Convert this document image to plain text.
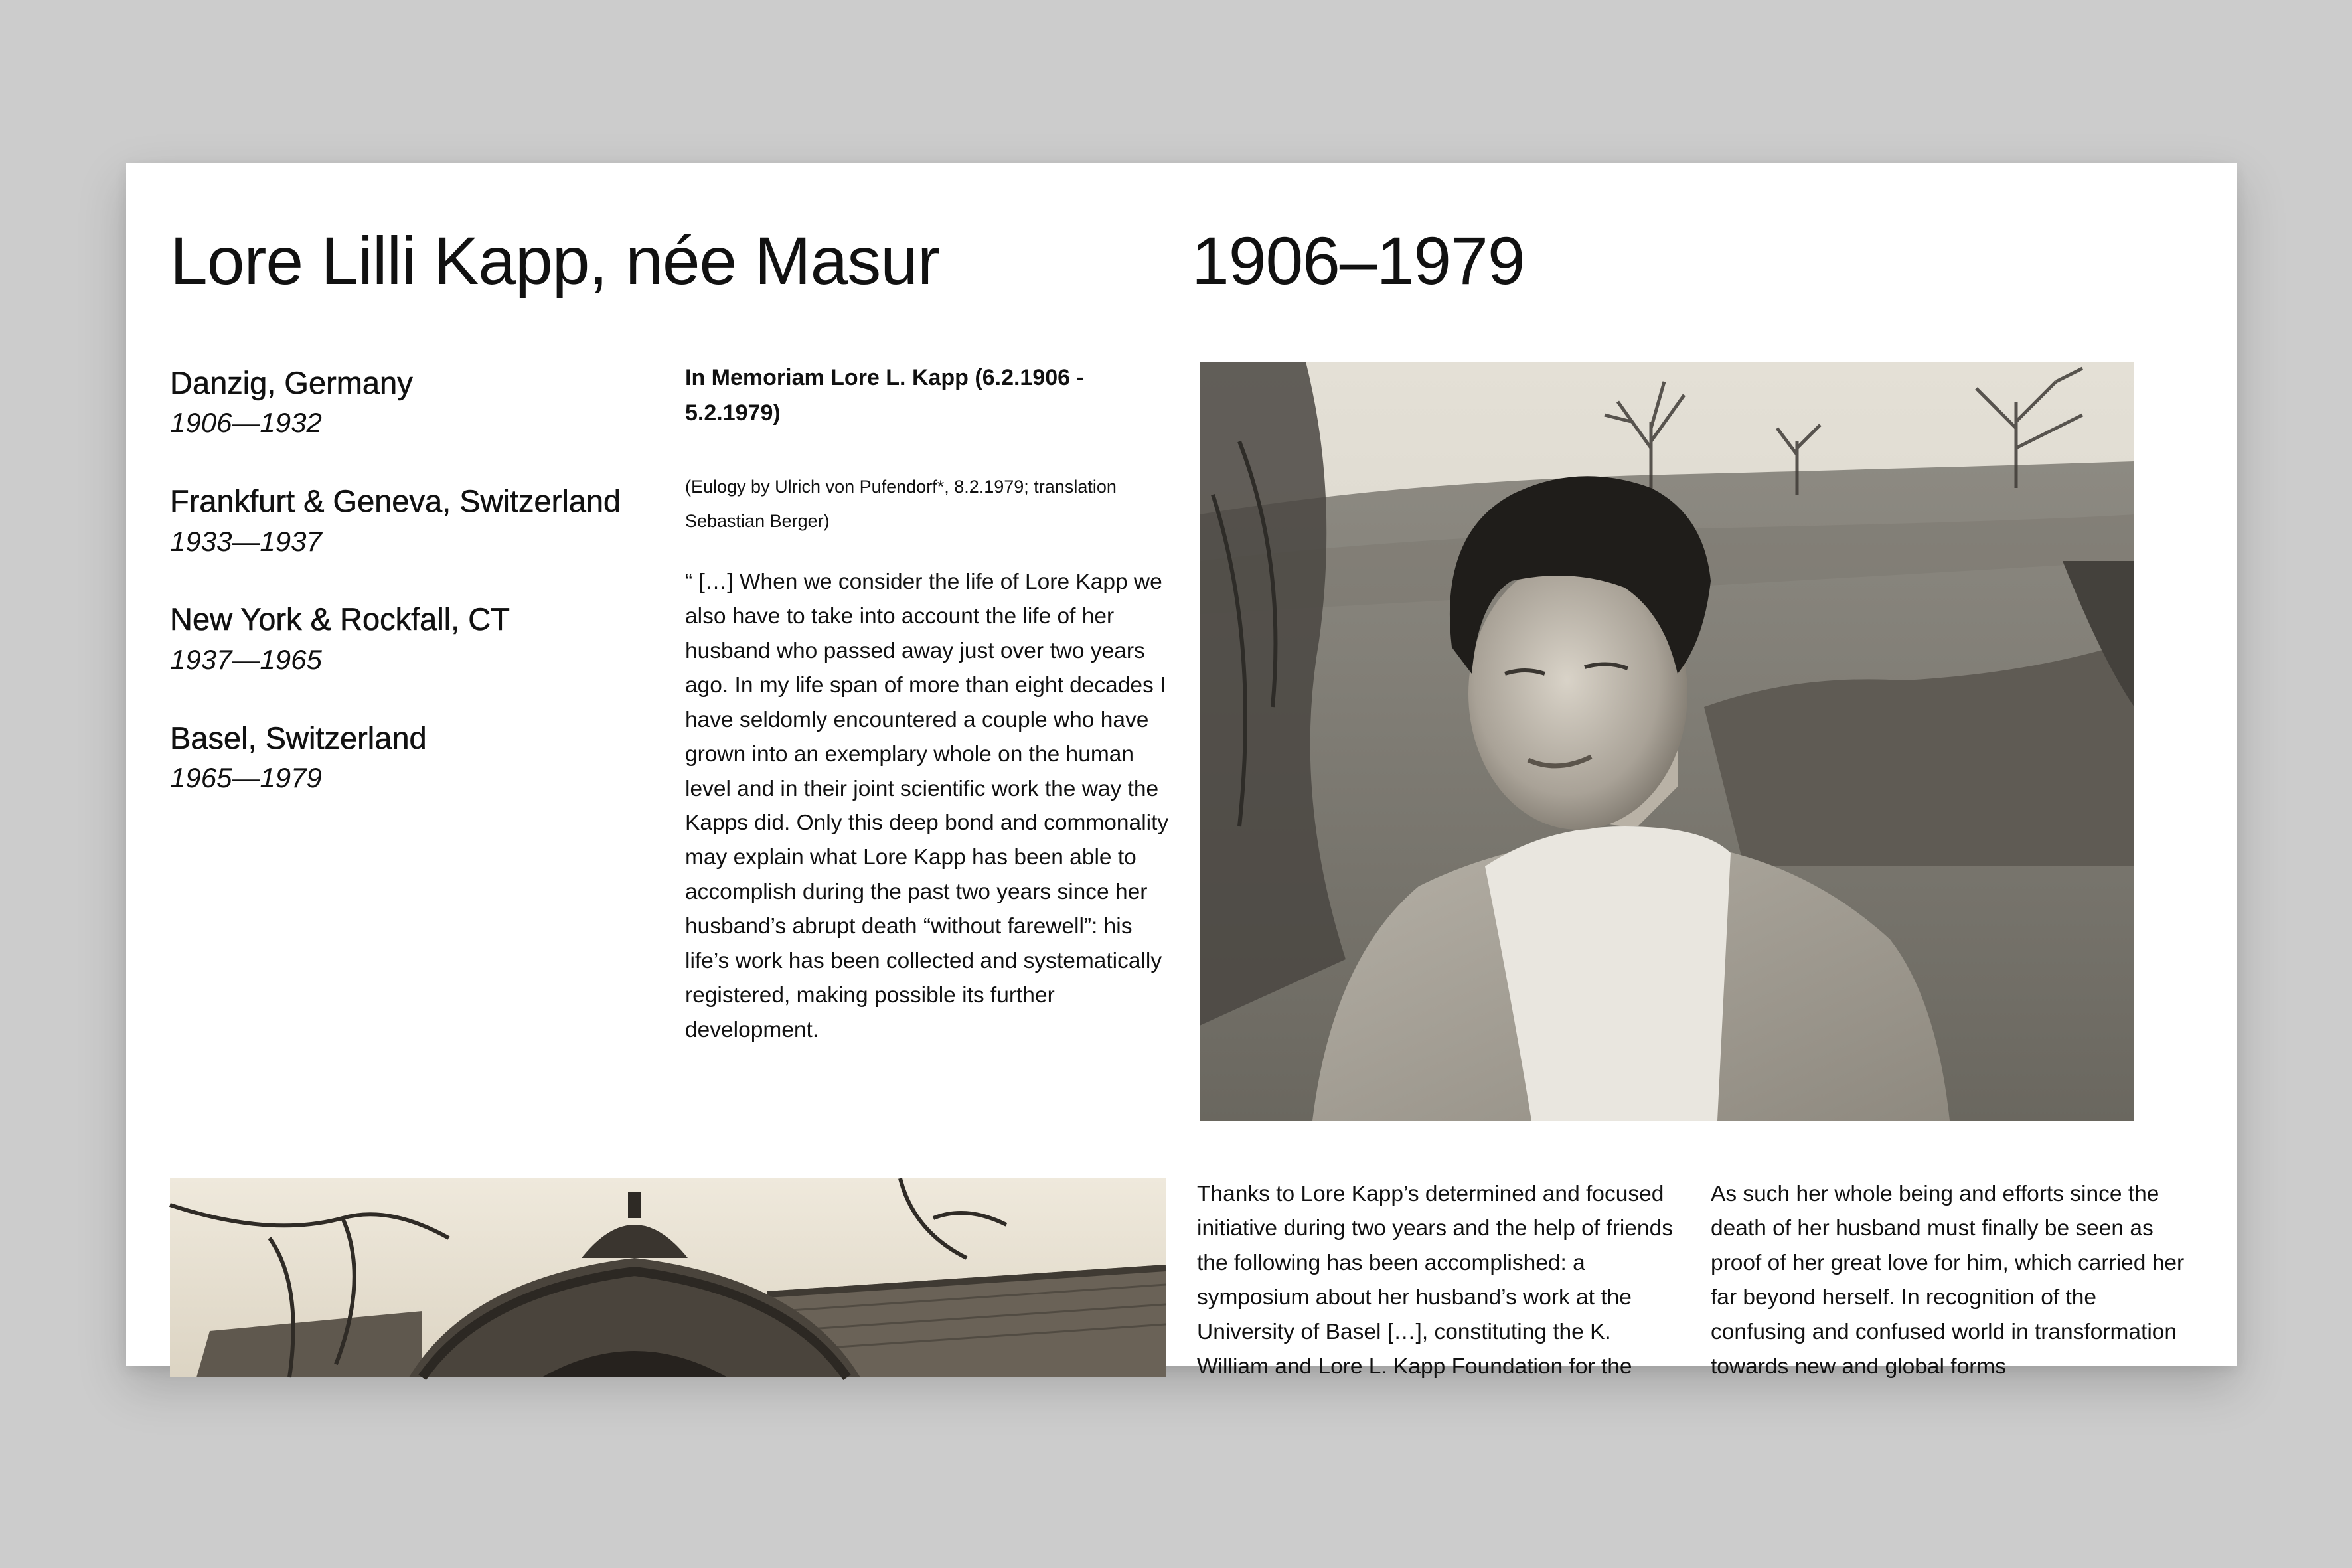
Lore Lilli Kapp, née Masur	1906–1979
Danzig, Germany
1906—1932
Frankfurt & Geneva, Switzerland
1933—1937
New York & Rockfall, CT
1937—1965
Basel, Switzerland
1965—1979

In Memoriam Lore L. Kapp (6.2.1906 - 5.2.1979)

(Eulogy by Ulrich von Pufendorf*, 8.2.1979; translation Sebastian Berger)

“ […] When we consider the life of Lore Kapp we also have to take into account the life of her husband who passed away just over two years ago. In my life span of more than eight decades I have seldomly encountered a couple who have grown into an exemplary whole on the human level and in their joint scientific work the way the Kapps did. Only this deep bond and commonality may explain what Lore Kapp has been able to accomplish during the past two years since her husband’s abrupt death “without farewell”: his life’s work has been collected and systematically registered, making possible its further development.

Thanks to Lore Kapp’s determined and focused initiative during two years and the help of friends the following has been accomplished: a symposium about her husband’s work at the University of Basel […], constituting the K. William and Lore L. Kapp Foundation for the

As such her whole being and efforts since the death of her husband must finally be seen as proof of her great love for him, which carried her far beyond herself. In recognition of the confusing and confused world in transformation towards new and global forms
